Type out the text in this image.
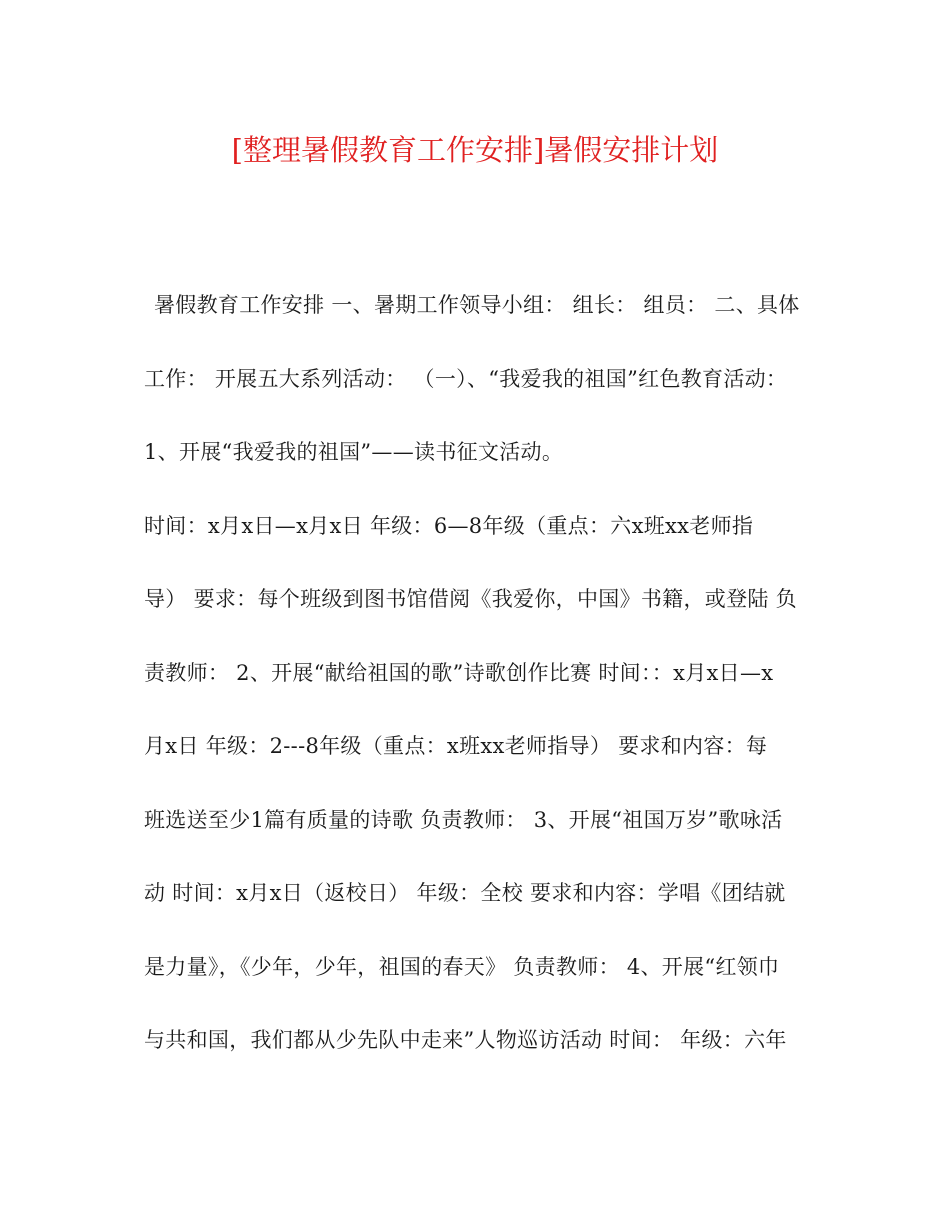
[整理暑假教育工作安排]暑假安排计划
暑假教育工作安排 一、暑期工作领导小组： 组长： 组员： 二、具体
工作： 开展五大系列活动： （一）、“我爱我的祖国”红色教育活动：
1、开展“我爱我的祖国”——读书征文活动。
时间：x月x日—x月x日 年级：6—8年级（重点：六x班xx老师指
导） 要求：每个班级到图书馆借阅《我爱你，中国》书籍，或登陆 负
责教师： 2、开展“献给祖国的歌”诗歌创作比赛 时间：：x月x日—x
月x日 年级：2---8年级（重点：x班xx老师指导） 要求和内容：每
班选送至少1篇有质量的诗歌 负责教师： 3、开展“祖国万岁”歌咏活
动 时间：x月x日（返校日） 年级：全校 要求和内容：学唱《团结就
是力量》，《少年，少年，祖国的春天》 负责教师： 4、开展“红领巾
与共和国，我们都从少先队中走来”人物巡访活动 时间： 年级：六年
